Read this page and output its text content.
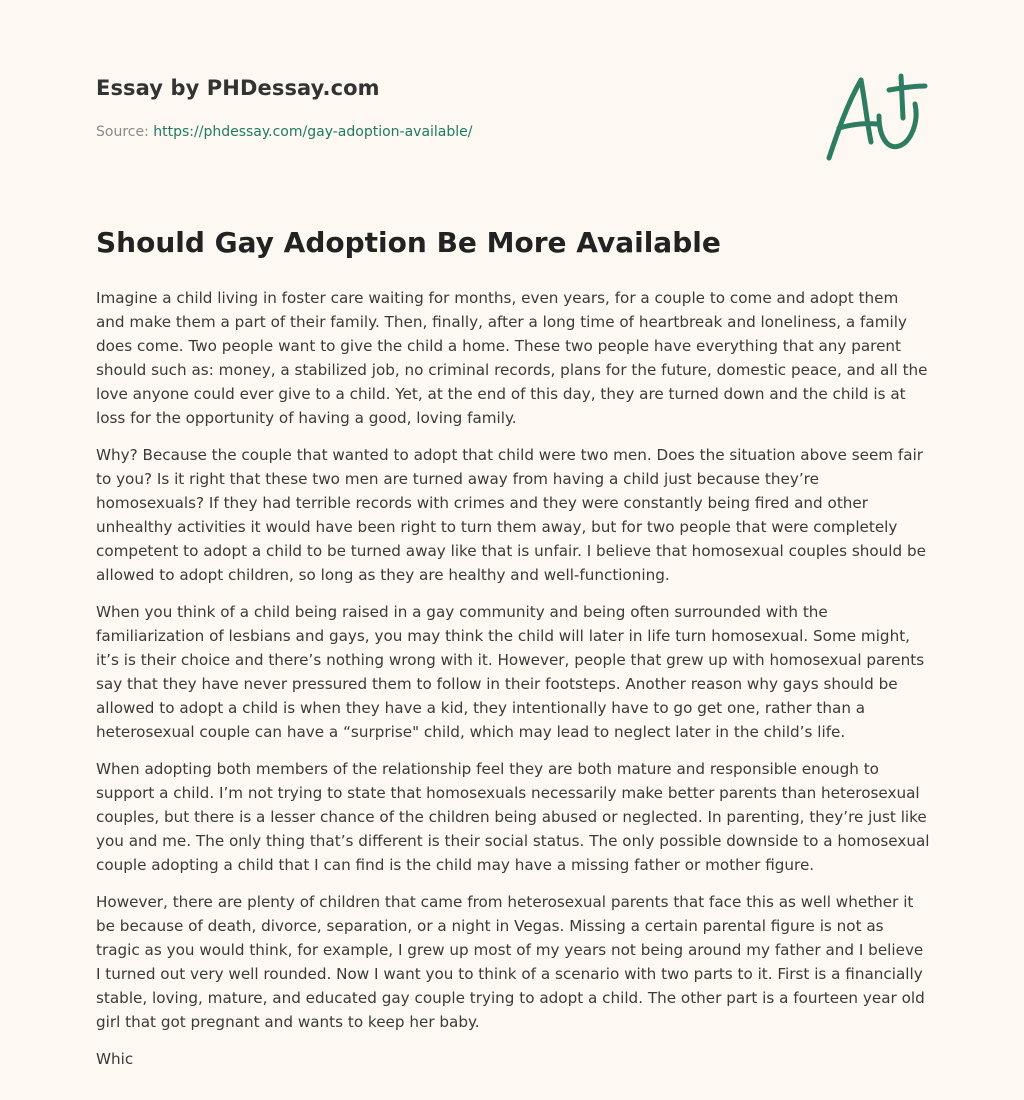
Essay by PHDessay.com
Source: https://phdessay.com/gay-adoption-available/
Should Gay Adoption Be More Available

Imagine a child living in foster care waiting for months, even years, for a couple to come and adopt them and make them a part of their family. Then, finally, after a long time of heartbreak and loneliness, a family does come. Two people want to give the child a home. These two people have everything that any parent should such as: money, a stabilized job, no criminal records, plans for the future, domestic peace, and all the love anyone could ever give to a child. Yet, at the end of this day, they are turned down and the child is at loss for the opportunity of having a good, loving family.

Why? Because the couple that wanted to adopt that child were two men. Does the situation above seem fair to you? Is it right that these two men are turned away from having a child just because they’re homosexuals? If they had terrible records with crimes and they were constantly being fired and other unhealthy activities it would have been right to turn them away, but for two people that were completely competent to adopt a child to be turned away like that is unfair. I believe that homosexual couples should be allowed to adopt children, so long as they are healthy and well-functioning.

When you think of a child being raised in a gay community and being often surrounded with the familiarization of lesbians and gays, you may think the child will later in life turn homosexual. Some might, it’s is their choice and there’s nothing wrong with it. However, people that grew up with homosexual parents say that they have never pressured them to follow in their footsteps. Another reason why gays should be allowed to adopt a child is when they have a kid, they intentionally have to go get one, rather than a heterosexual couple can have a “surprise" child, which may lead to neglect later in the child’s life.

When adopting both members of the relationship feel they are both mature and responsible enough to support a child. I’m not trying to state that homosexuals necessarily make better parents than heterosexual couples, but there is a lesser chance of the children being abused or neglected. In parenting, they’re just like you and me. The only thing that’s different is their social status. The only possible downside to a homosexual couple adopting a child that I can find is the child may have a missing father or mother figure.

However, there are plenty of children that came from heterosexual parents that face this as well whether it be because of death, divorce, separation, or a night in Vegas. Missing a certain parental figure is not as tragic as you would think, for example, I grew up most of my years not being around my father and I believe I turned out very well rounded. Now I want you to think of a scenario with two parts to it. First is a financially stable, loving, mature, and educated gay couple trying to adopt a child. The other part is a fourteen year old girl that got pregnant and wants to keep her baby.

Whic
